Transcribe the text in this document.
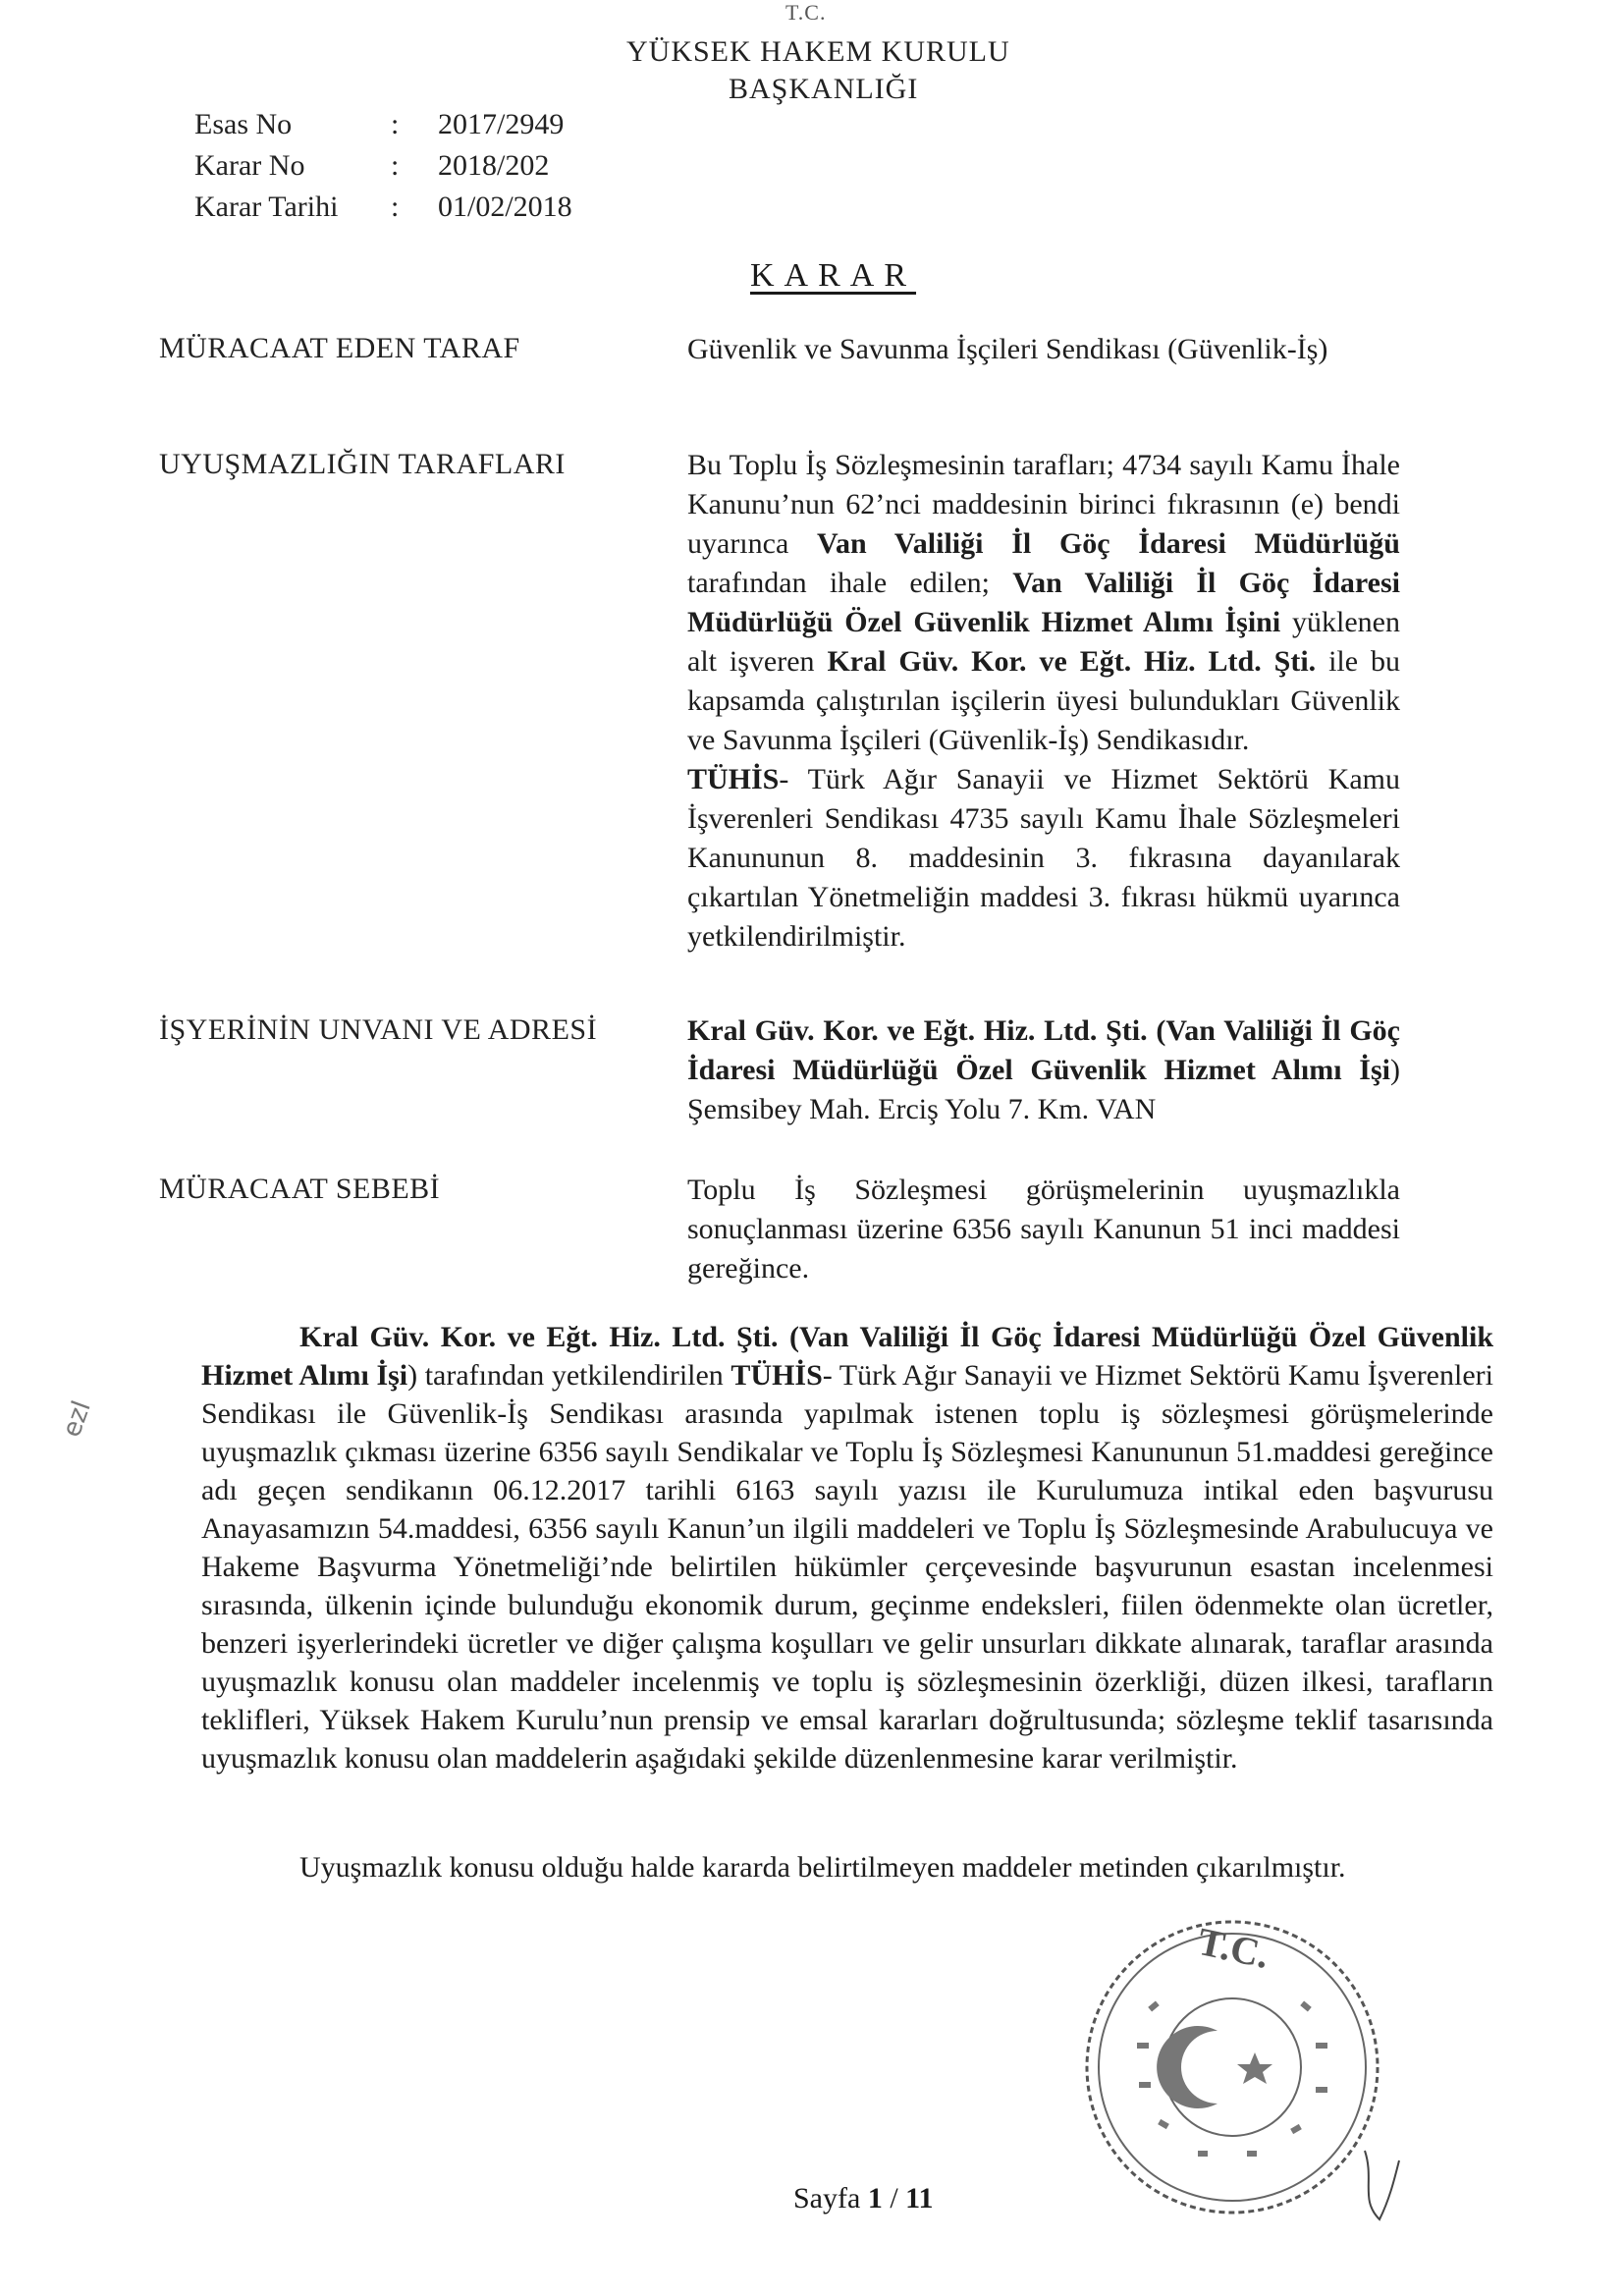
T.C.
YÜKSEK HAKEM KURULU
BAŞKANLIĞI
Esas No	: 2017/2949
Karar No	: 2018/202
Karar Tarihi : 01/02/2018
KARAR
MÜRACAAT EDEN TARAF	Güvenlik ve Savunma İşçileri Sendikası (Güvenlik-İş)
UYUŞMAZLIĞIN TARAFLARI	Bu Toplu İş Sözleşmesinin tarafları; 4734 sayılı Kamu İhale Kanunu’nun 62’nci maddesinin birinci fıkrasının (e) bendi uyarınca Van Valiliği İl Göç İdaresi Müdürlüğü tarafından ihale edilen; Van Valiliği İl Göç İdaresi Müdürlüğü Özel Güvenlik Hizmet Alımı İşini yüklenen alt işveren Kral Güv. Kor. ve Eğt. Hiz. Ltd. Şti. ile bu kapsamda çalıştırılan işçilerin üyesi bulundukları Güvenlik ve Savunma İşçileri (Güvenlik-İş) Sendikasıdır.
TÜHİS- Türk Ağır Sanayii ve Hizmet Sektörü Kamu İşverenleri Sendikası 4735 sayılı Kamu İhale Sözleşmeleri Kanununun 8. maddesinin 3. fıkrasına dayanılarak çıkartılan Yönetmeliğin maddesi 3. fıkrası hükmü uyarınca yetkilendirilmiştir.
İŞYERİNİN UNVANI VE ADRESİ	Kral Güv. Kor. ve Eğt. Hiz. Ltd. Şti. (Van Valiliği İl Göç İdaresi Müdürlüğü Özel Güvenlik Hizmet Alımı İşi) Şemsibey Mah. Erciş Yolu 7. Km. VAN
MÜRACAAT SEBEBİ	Toplu İş Sözleşmesi görüşmelerinin uyuşmazlıkla sonuçlanması üzerine 6356 sayılı Kanunun 51 inci maddesi gereğince.
Kral Güv. Kor. ve Eğt. Hiz. Ltd. Şti. (Van Valiliği İl Göç İdaresi Müdürlüğü Özel Güvenlik Hizmet Alımı İşi) tarafından yetkilendirilen TÜHİS- Türk Ağır Sanayii ve Hizmet Sektörü Kamu İşverenleri Sendikası ile Güvenlik-İş Sendikası arasında yapılmak istenen toplu iş sözleşmesi görüşmelerinde uyuşmazlık çıkması üzerine 6356 sayılı Sendikalar ve Toplu İş Sözleşmesi Kanununun 51.maddesi gereğince adı geçen sendikanın 06.12.2017 tarihli 6163 sayılı yazısı ile Kurulumuza intikal eden başvurusu Anayasamızın 54.maddesi, 6356 sayılı Kanun’un ilgili maddeleri ve Toplu İş Sözleşmesinde Arabulucuya ve Hakeme Başvurma Yönetmeliği’nde belirtilen hükümler çerçevesinde başvurunun esastan incelenmesi sırasında, ülkenin içinde bulunduğu ekonomik durum, geçinme endeksleri, fiilen ödenmekte olan ücretler, benzeri işyerlerindeki ücretler ve diğer çalışma koşulları ve gelir unsurları dikkate alınarak, taraflar arasında uyuşmazlık konusu olan maddeler incelenmiş ve toplu iş sözleşmesinin özerkliği, düzen ilkesi, tarafların teklifleri, Yüksek Hakem Kurulu’nun prensip ve emsal kararları doğrultusunda; sözleşme teklif tasarısında uyuşmazlık konusu olan maddelerin aşağıdaki şekilde düzenlenmesine karar verilmiştir.
Uyuşmazlık konusu olduğu halde kararda belirtilmeyen maddeler metinden çıkarılmıştır.
ezl
T.C.
Sayfa 1 / 11
